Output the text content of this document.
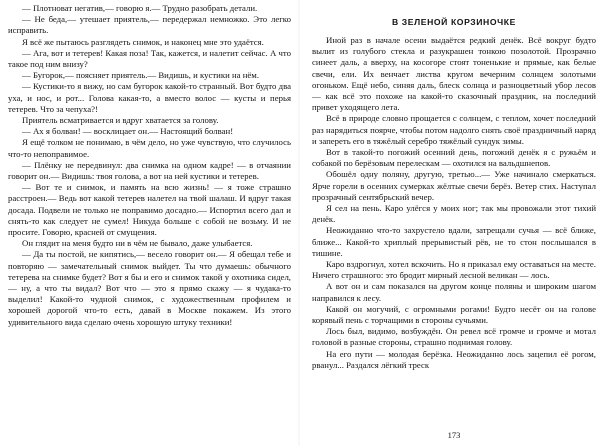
— Плотноват негатив,— говорю я.— Трудно разобрать детали.

— Не беда,— утешает приятель,— передержал немножко. Это легко исправить.

Я всё же пытаюсь разглядеть снимок, и наконец мне это удаётся.

— Ага, вот и тетерев! Какая поза! Так, кажется, и налетит сейчас. А что такое под ним внизу?

— Бугорок,— поясняет приятель.— Видишь, и кустики на нём.

— Кустики-то я вижу, но сам бугорок какой-то странный. Вот будто два уха, и нос, и рот... Голова какая-то, а вместо волос — кусты и перья тетерев. Что за чепуха?!

Приятель всматривается и вдруг хватается за голову.

— Ах я болван! — восклицает он.— Настоящий болван!

Я ещё толком не понимаю, в чём дело, но уже чувствую, что случилось что-то непоправимое.

— Плёнку не передвинул: два снимка на одном кадре! — в отчаянии говорит он.— Видишь: твоя голова, а вот на ней кустики и тетерев.

— Вот те и снимок, и память на всю жизнь! — я тоже страшно расстроен.— Ведь вот какой тетерев налетел на твой шалаш. И вдруг такая досада. Подвели не только не поправимо досадно.— Испортил всего дал и снять-то как следует не сумел! Никуда больше с собой не возьму. И не просите. Говорю, красней от смущения.

Он глядит на меня будто ни в чём не бывало, даже улыбается.

— Да ты постой, не кипятись,— весело говорит он.— Я обещал тебе и повторяю — замечательный снимок выйдет. Ты что думаешь: обычного тетерева на снимке будет? Вот я бы и его и снимок такой у охотника сидел,— ну, а что ты видал? Вот что — это я прямо скажу — я чудака-то выделил! Какой-то чудной снимок, с художественным профилем и хорошей дорогой что-то есть, давай в Москве покажем. Из этого удивительного вида сделаю очень хорошую штуку техники!

В ЗЕЛЕНОЙ КОРЗИНОЧКЕ

Иной раз в начале осени выдаётся редкий денёк. Всё вокруг будто вылит из голубого стекла и разукрашен тонкою позолотой. Прозрачно синеет даль, а вверху, на косогоре стоят тоненькие и прямые, как белые свечи, ели. Их венчает листва кругом вечерним солнцем золотыми огоньком. Ещё небо, синяя даль, блеск солнца и разноцветный убор лесов — как всё это похоже на какой-то сказочный праздник, на последний привет уходящего лета.

Всё в природе словно прощается с солнцем, с теплом, хочет последний раз нарядиться поярче, чтобы потом надолго снять своё праздничный наряд и запереть его в тяжёлый серебро тяжёлый сундук зимы.

Вот в такой-то погожий осенний день, погожий денёк я с ружьём и собакой по берёзовым перелескам — охотился на вальдшнепов.

Обошёл одну поляну, другую, третью...— Уже начинало смеркаться. Ярче горели в осенних сумерках жёлтые свечи берёз. Ветер стих. Наступал прозрачный сентябрьский вечер.

Я сел на пень. Каро улёгся у моих ног; так мы провожали этот тихий денёк.

Неожиданно что-то захрустело вдали, затрещали сучья — всё ближе, ближе... Какой-то хриплый прерывистый рёв, не то стон послышался в тишине.

Каро вздрогнул, хотел вскочить. Но я приказал ему оставаться на месте. Ничего страшного: это бродит мирный лесной великан — лось.

А вот он и сам показался на другом конце поляны и широким шагом направился к лесу.

Какой он могучий, с огромными рогами! Будто несёт он на голове корявый пень с торчащими в стороны сучьями.

Лось был, видимо, возбуждён. Он ревел всё громче и громче и мотал головой в разные стороны, страшно поднимая голову.

На его пути — молодая берёзка. Неожиданно лось зацепил её рогом, рванул... Раздался лёгкий треск

173
